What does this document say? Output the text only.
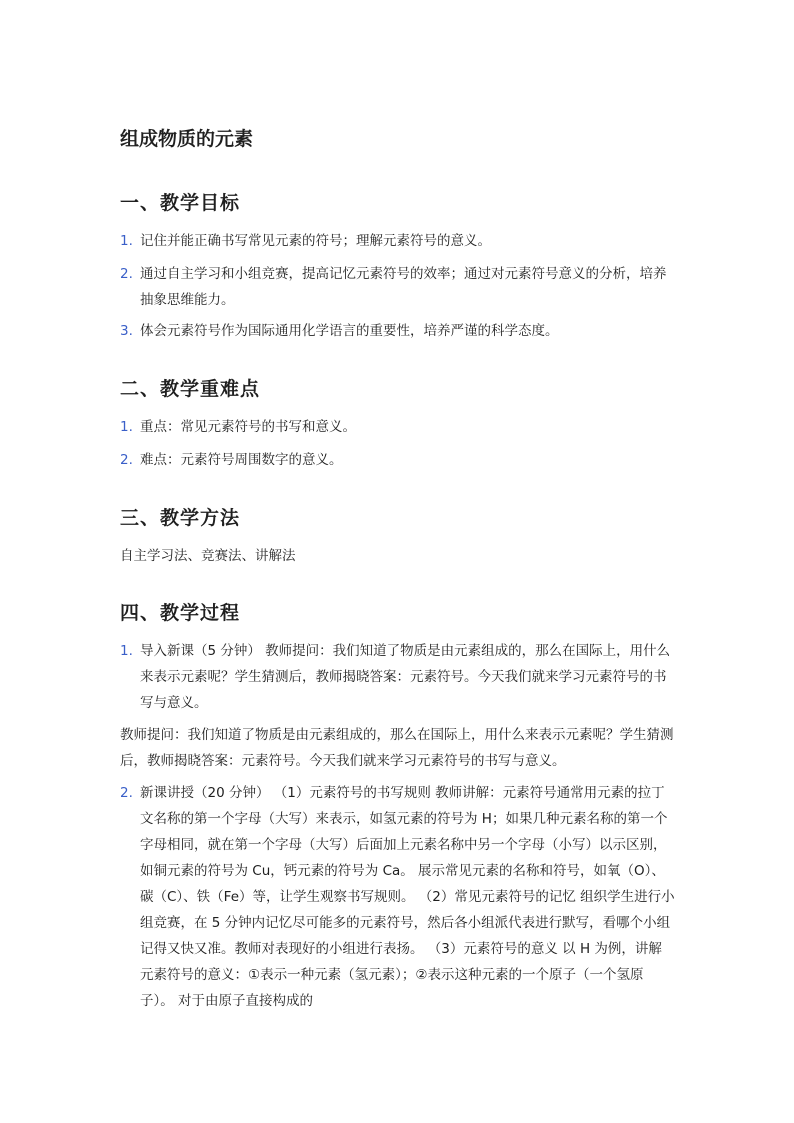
组成物质的元素
一、教学目标
1. 记住并能正确书写常见元素的符号；理解元素符号的意义。
2. 通过自主学习和小组竞赛，提高记忆元素符号的效率；通过对元素符号意义的分析，培养抽象思维能力。
3. 体会元素符号作为国际通用化学语言的重要性，培养严谨的科学态度。
二、教学重难点
1. 重点：常见元素符号的书写和意义。
2. 难点：元素符号周围数字的意义。
三、教学方法
自主学习法、竞赛法、讲解法
四、教学过程
1. 导入新课（5 分钟） 教师提问：我们知道了物质是由元素组成的，那么在国际上，用什么来表示元素呢？学生猜测后，教师揭晓答案：元素符号。今天我们就来学习元素符号的书写与意义。
教师提问：我们知道了物质是由元素组成的，那么在国际上，用什么来表示元素呢？学生猜测后，教师揭晓答案：元素符号。今天我们就来学习元素符号的书写与意义。
2. 新课讲授（20 分钟） （1）元素符号的书写规则 教师讲解：元素符号通常用元素的拉丁文名称的第一个字母（大写）来表示，如氢元素的符号为 H；如果几种元素名称的第一个字母相同，就在第一个字母（大写）后面加上元素名称中另一个字母（小写）以示区别，如铜元素的符号为 Cu，钙元素的符号为 Ca。 展示常见元素的名称和符号，如氧（O）、碳（C）、铁（Fe）等，让学生观察书写规则。 （2）常见元素符号的记忆 组织学生进行小组竞赛，在 5 分钟内记忆尽可能多的元素符号，然后各小组派代表进行默写，看哪个小组记得又快又准。教师对表现好的小组进行表扬。 （3）元素符号的意义 以 H 为例，讲解元素符号的意义：①表示一种元素（氢元素）；②表示这种元素的一个原子（一个氢原子）。 对于由原子直接构成的
